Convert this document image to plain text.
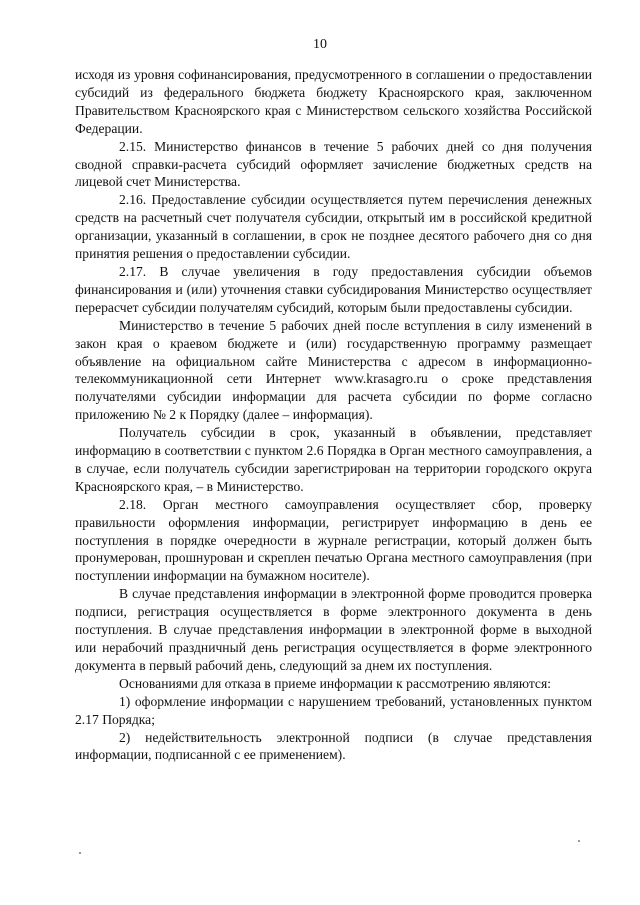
10

исходя из уровня софинансирования, предусмотренного в соглашении о предоставлении субсидий из федерального бюджета бюджету Красноярского края, заключенном Правительством Красноярского края с Министерством сельского хозяйства Российской Федерации.

2.15. Министерство финансов в течение 5 рабочих дней со дня получения сводной справки-расчета субсидий оформляет зачисление бюджетных средств на лицевой счет Министерства.

2.16. Предоставление субсидии осуществляется путем перечисления денежных средств на расчетный счет получателя субсидии, открытый им в российской кредитной организации, указанный в соглашении, в срок не позднее десятого рабочего дня со дня принятия решения о предоставлении субсидии.

2.17. В случае увеличения в году предоставления субсидии объемов финансирования и (или) уточнения ставки субсидирования Министерство осуществляет перерасчет субсидии получателям субсидий, которым были предоставлены субсидии.

Министерство в течение 5 рабочих дней после вступления в силу изменений в закон края о краевом бюджете и (или) государственную программу размещает объявление на официальном сайте Министерства с адресом в информационно-телекоммуникационной сети Интернет www.krasagro.ru о сроке представления получателями субсидии информации для расчета субсидии по форме согласно приложению № 2 к Порядку (далее – информация).

Получатель субсидии в срок, указанный в объявлении, представляет информацию в соответствии с пунктом 2.6 Порядка в Орган местного самоуправления, а в случае, если получатель субсидии зарегистрирован на территории городского округа Красноярского края, – в Министерство.

2.18. Орган местного самоуправления осуществляет сбор, проверку правильности оформления информации, регистрирует информацию в день ее поступления в порядке очередности в журнале регистрации, который должен быть пронумерован, прошнурован и скреплен печатью Органа местного самоуправления (при поступлении информации на бумажном носителе).

В случае представления информации в электронной форме проводится проверка подписи, регистрация осуществляется в форме электронного документа в день поступления. В случае представления информации в электронной форме в выходной или нерабочий праздничный день регистрация осуществляется в форме электронного документа в первый рабочий день, следующий за днем их поступления.

Основаниями для отказа в приеме информации к рассмотрению являются:

1) оформление информации с нарушением требований, установленных пунктом 2.17 Порядка;

2) недействительность электронной подписи (в случае представления информации, подписанной с ее применением).
